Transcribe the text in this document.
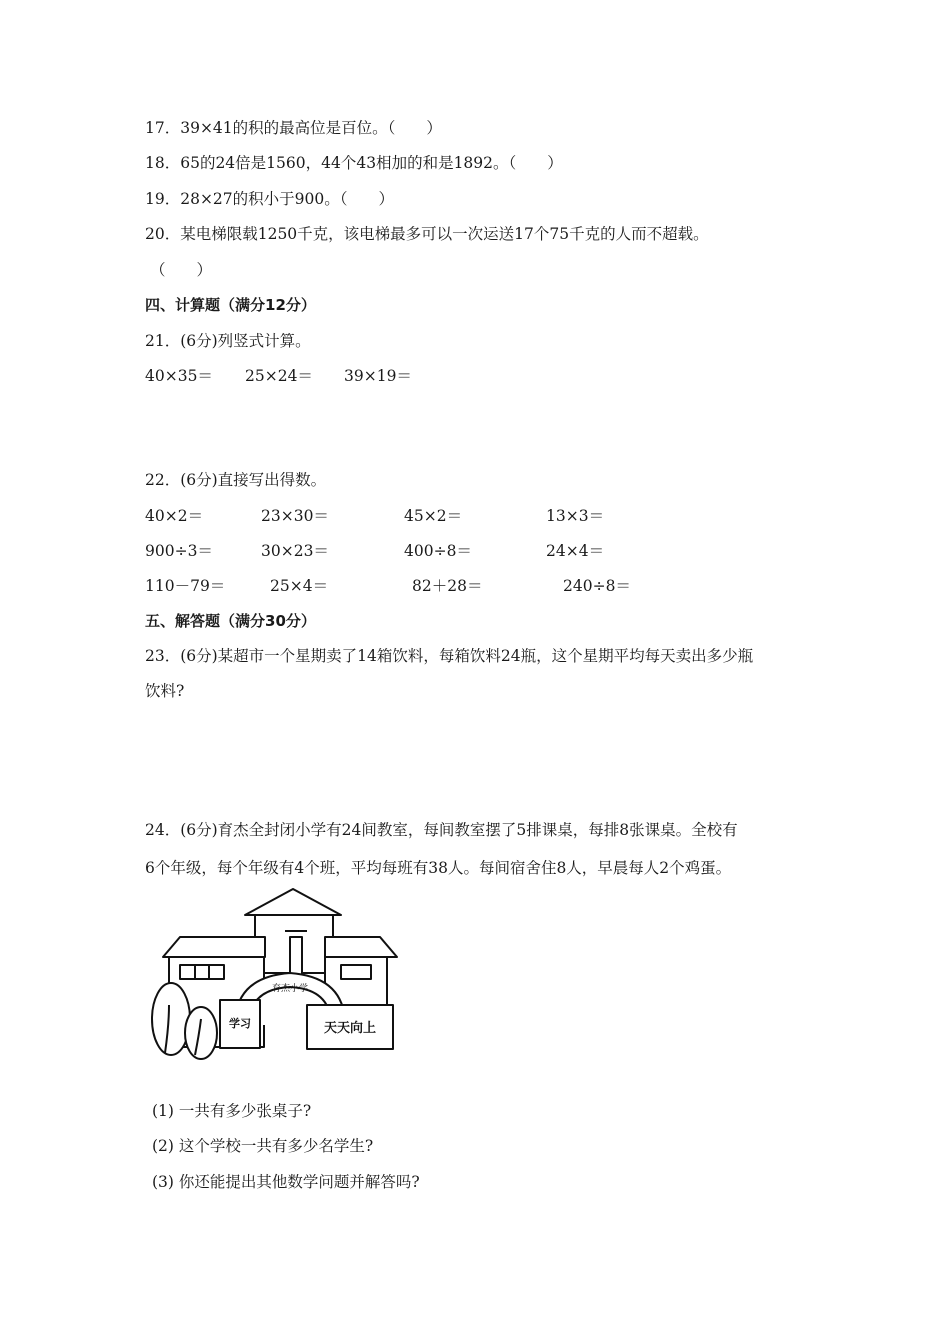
17．39×41的积的最高位是百位。（　　）
18．65的24倍是1560，44个43相加的和是1892。（　　）
19．28×27的积小于900。（　　）
20．某电梯限载1250千克，该电梯最多可以一次运送17个75千克的人而不超载。
（　　）
四、计算题（满分12分）
21．(6分)列竖式计算。
40×35＝ 25×24＝ 39×19＝
22．(6分)直接写出得数。
40×2＝	23×30＝	45×2＝	13×3＝
900÷3＝	30×23＝	400÷8＝	24×4＝
110－79＝	25×4＝	82＋28＝	240÷8＝
五、解答题（满分30分）
23．(6分)某超市一个星期卖了14箱饮料，每箱饮料24瓶，这个星期平均每天卖出多少瓶
饮料?
24．(6分)育杰全封闭小学有24间教室，每间教室摆了5排课桌，每排8张课桌。全校有
6个年级，每个年级有4个班，平均每班有38人。每间宿舍住8人，早晨每人2个鸡蛋。
育杰小学
学习	天天向上
(1) 一共有多少张桌子?
(2) 这个学校一共有多少名学生?
(3) 你还能提出其他数学问题并解答吗?
